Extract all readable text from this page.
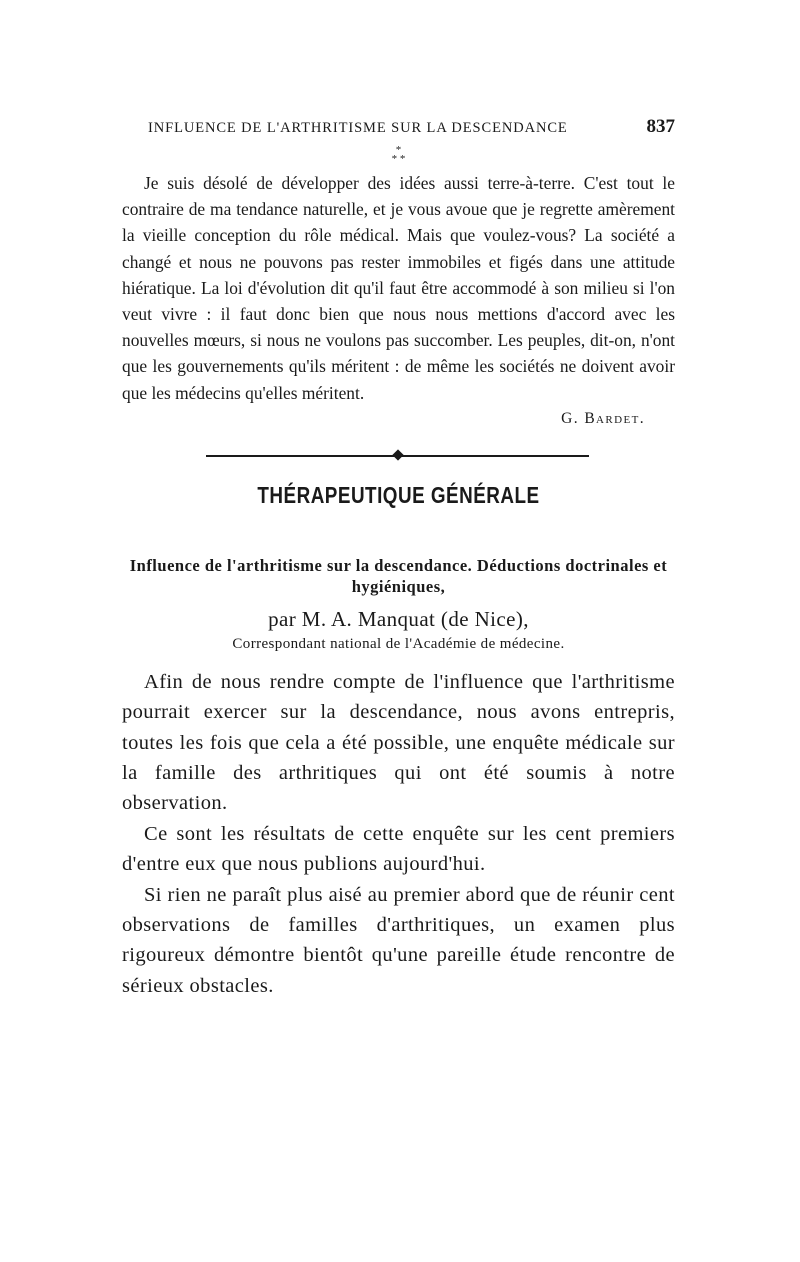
INFLUENCE DE L'ARTHRITISME SUR LA DESCENDANCE	837
*
* *

Je suis désolé de développer des idées aussi terre-à-terre. C'est tout le contraire de ma tendance naturelle, et je vous avoue que je regrette amèrement la vieille conception du rôle médical. Mais que voulez-vous? La société a changé et nous ne pouvons pas rester immobiles et figés dans une attitude hiératique. La loi d'évolution dit qu'il faut être accommodé à son milieu si l'on veut vivre : il faut donc bien que nous nous mettions d'accord avec les nouvelles mœurs, si nous ne voulons pas succomber. Les peuples, dit-on, n'ont que les gouvernements qu'ils méritent : de même les sociétés ne doivent avoir que les médecins qu'elles méritent.

G. Bardet.
THÉRAPEUTIQUE GÉNÉRALE
Influence de l'arthritisme sur la descendance. Déductions doctrinales et hygiéniques,
par M. A. Manquat (de Nice),
Correspondant national de l'Académie de médecine.

Afin de nous rendre compte de l'influence que l'arthritisme pourrait exercer sur la descendance, nous avons entrepris, toutes les fois que cela a été possible, une enquête médicale sur la famille des arthritiques qui ont été soumis à notre observation.

Ce sont les résultats de cette enquête sur les cent premiers d'entre eux que nous publions aujourd'hui.

Si rien ne paraît plus aisé au premier abord que de réunir cent observations de familles d'arthritiques, un examen plus rigoureux démontre bientôt qu'une pareille étude rencontre de sérieux obstacles.
